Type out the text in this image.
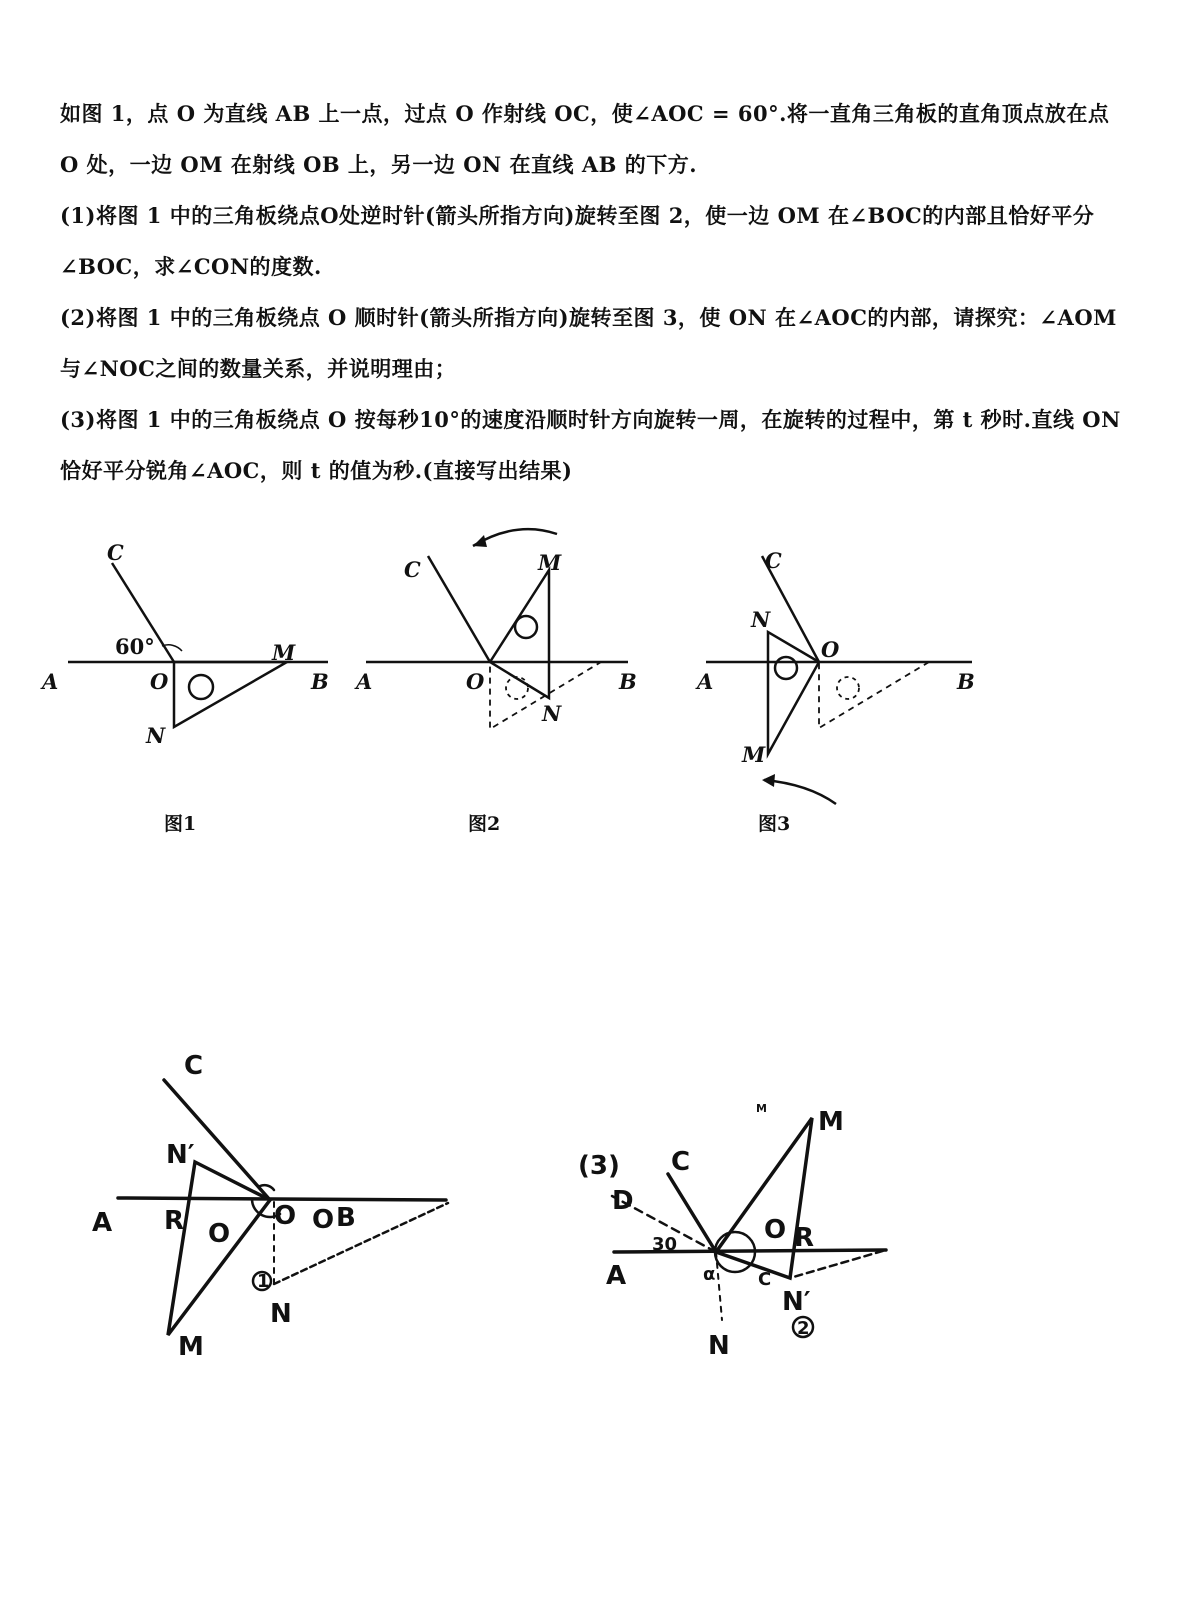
如图 1，点 O 为直线 AB 上一点，过点 O 作射线 OC，使∠AOC = 60°.将一直角三角板的直角顶点放在点 O 处，一边 OM 在射线 OB 上，另一边 ON 在直线 AB 的下方.

(1)将图 1 中的三角板绕点O处逆时针(箭头所指方向)旋转至图 2，使一边 OM 在∠BOC的内部且恰好平分∠BOC，求∠CON的度数.

(2)将图 1 中的三角板绕点 O 顺时针(箭头所指方向)旋转至图 3，使 ON 在∠AOC的内部，请探究：∠AOM 与∠NOC之间的数量关系，并说明理由；

(3)将图 1 中的三角板绕点 O 按每秒10°的速度沿顺时针方向旋转一周，在旋转的过程中，第 t 秒时.直线 ON 恰好平分锐角∠AOC，则 t 的值为秒.(直接写出结果)

C
60°	M
A	O	B
N
图1
C	M
A	O	B
N
图2
C
N
O
A	B
M
图3
C
N′
A R O
O O B
1
N
M
M M
C
(3)
D
30	O R
A	α C
N′
N
2
